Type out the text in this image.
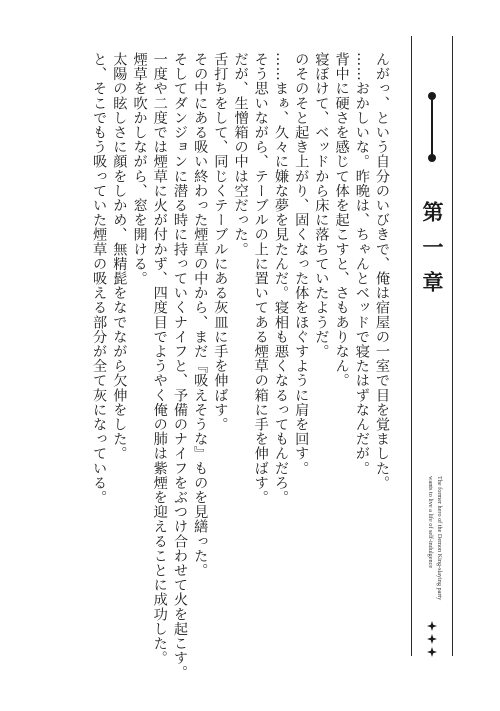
んがっ、という自分のいびきで、俺は宿屋の一室で目を覚ました。

……おかしいな。昨晩は、ちゃんとベッドで寝たはずなんだが。

背中に硬さを感じて体を起こすと、さもありなん。

寝ぼけて、ベッドから床に落ちていたようだ。

のそのそと起き上がり、固くなった体をほぐすように肩を回す。

……まぁ、久々に嫌な夢を見たんだ。寝相も悪くなるってもんだろ。

そう思いながら、テーブルの上に置いてある煙草の箱に手を伸ばす。

だが、生憎箱の中は空だった。

舌打ちをして、同じくテーブルにある灰皿に手を伸ばす。

その中にある吸い終わった煙草の中から、まだ『吸えそうな』ものを見繕った。

そしてダンジョンに潜る時に持っていくナイフと、予備のナイフをぶつけ合わせて火を起こす。

一度や二度では煙草に火が付かず、四度目でようやく俺の肺は紫煙を迎えることに成功した。

煙草を吹かしながら、窓を開ける。

太陽の眩しさに顔をしかめ、無精髭をなでながら欠伸をした。

と、そこでもう吸っていた煙草の吸える部分が全て灰になっている。	第一章
The former hero of the Demon King-slaying party wants to live a life of self-indulgence
